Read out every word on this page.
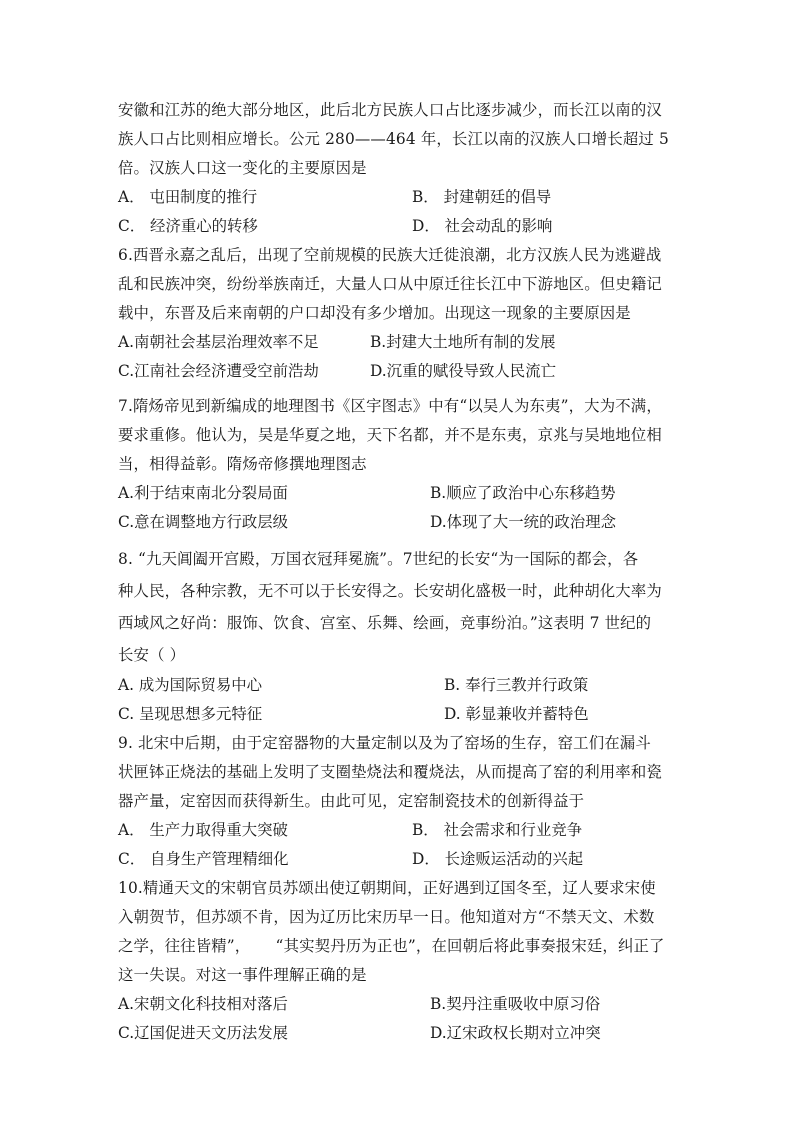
安徽和江苏的绝大部分地区，此后北方民族人口占比逐步减少，而长江以南的汉
族人口占比则相应增长。公元 280——464 年，长江以南的汉族人口增长超过 5
倍。汉族人口这一变化的主要原因是
A． 屯田制度的推行	B． 封建朝廷的倡导
C． 经济重心的转移	D． 社会动乱的影响
6.西晋永嘉之乱后，出现了空前规模的民族大迁徙浪潮，北方汉族人民为逃避战
乱和民族冲突，纷纷举族南迁，大量人口从中原迁往长江中下游地区。但史籍记
载中，东晋及后来南朝的户口却没有多少增加。出现这一现象的主要原因是
A.南朝社会基层治理效率不足	B.封建大土地所有制的发展
C.江南社会经济遭受空前浩劫	D.沉重的赋役导致人民流亡
7.隋炀帝见到新编成的地理图书《区宇图志》中有“以吴人为东夷”，大为不满，
要求重修。他认为，吴是华夏之地，天下名都，并不是东夷，京兆与吴地地位相
当，相得益彰。隋炀帝修撰地理图志
A.利于结束南北分裂局面	B.顺应了政治中心东移趋势
C.意在调整地方行政层级	D.体现了大一统的政治理念
8. “九天阊阖开宫殿，万国衣冠拜冕旒”。7世纪的长安“为一国际的都会，各
种人民，各种宗教，无不可以于长安得之。长安胡化盛极一时，此种胡化大率为
西域风之好尚：服饰、饮食、宫室、乐舞、绘画，竞事纷泊。”这表明 7 世纪的
长安（ ）
A. 成为国际贸易中心	B. 奉行三教并行政策
C. 呈现思想多元特征	D. 彰显兼收并蓄特色
9. 北宋中后期，由于定窑器物的大量定制以及为了窑场的生存，窑工们在漏斗
状匣钵正烧法的基础上发明了支圈垫烧法和覆烧法，从而提高了窑的利用率和瓷
器产量，定窑因而获得新生。由此可见，定窑制瓷技术的创新得益于
A． 生产力取得重大突破	B． 社会需求和行业竞争
C． 自身生产管理精细化	D． 长途贩运活动的兴起
10.精通天文的宋朝官员苏颂出使辽朝期间，正好遇到辽国冬至，辽人要求宋使
入朝贺节，但苏颂不肯，因为辽历比宋历早一日。他知道对方“不禁天文、术数
之学，往往皆精”，     “其实契丹历为正也”，在回朝后将此事奏报宋廷，纠正了
这一失误。对这一事件理解正确的是
A.宋朝文化科技相对落后	B.契丹注重吸收中原习俗
C.辽国促进天文历法发展	D.辽宋政权长期对立冲突
